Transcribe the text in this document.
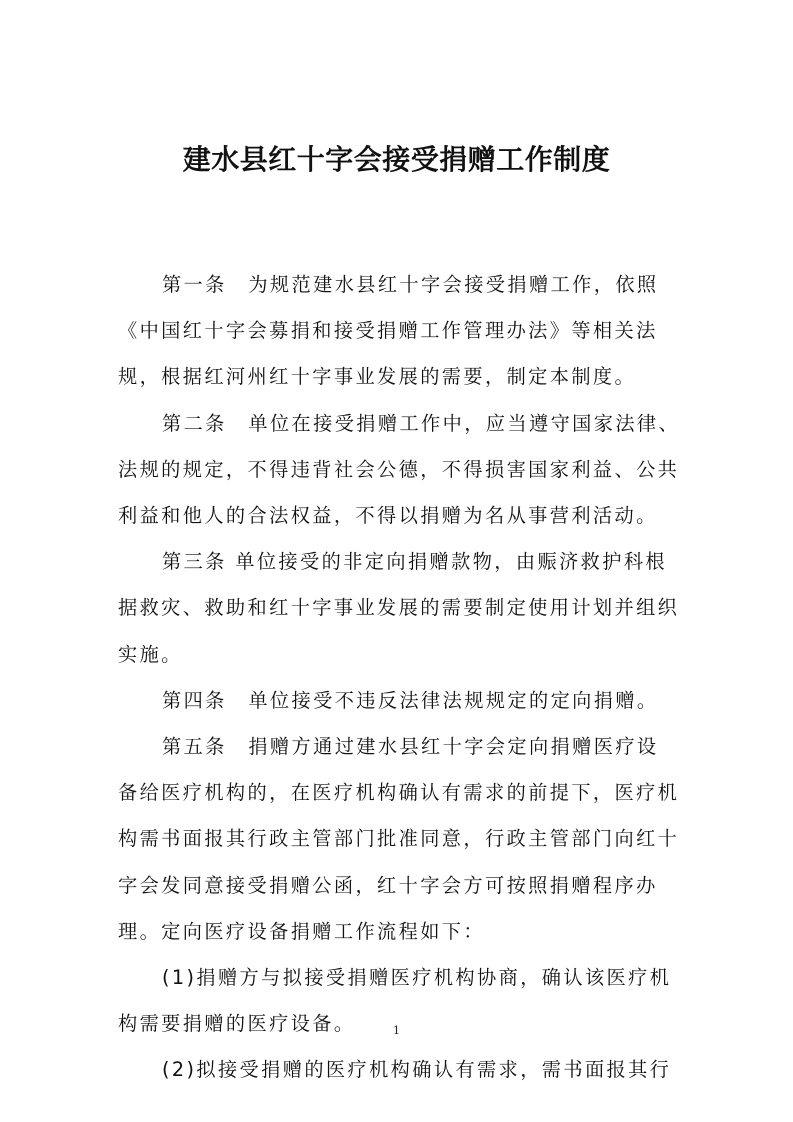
建水县红十字会接受捐赠工作制度
第一条　为规范建水县红十字会接受捐赠工作，依照
《中国红十字会募捐和接受捐赠工作管理办法》等相关法
规，根据红河州红十字事业发展的需要，制定本制度。
第二条　单位在接受捐赠工作中，应当遵守国家法律、
法规的规定，不得违背社会公德，不得损害国家利益、公共
利益和他人的合法权益，不得以捐赠为名从事营利活动。
第三条 单位接受的非定向捐赠款物，由赈济救护科根
据救灾、救助和红十字事业发展的需要制定使用计划并组织
实施。
第四条　单位接受不违反法律法规规定的定向捐赠。
第五条　捐赠方通过建水县红十字会定向捐赠医疗设
备给医疗机构的，在医疗机构确认有需求的前提下，医疗机
构需书面报其行政主管部门批准同意，行政主管部门向红十
字会发同意接受捐赠公函，红十字会方可按照捐赠程序办
理。定向医疗设备捐赠工作流程如下：
(1)捐赠方与拟接受捐赠医疗机构协商，确认该医疗机
构需要捐赠的医疗设备。
(2)拟接受捐赠的医疗机构确认有需求，需书面报其行
1
